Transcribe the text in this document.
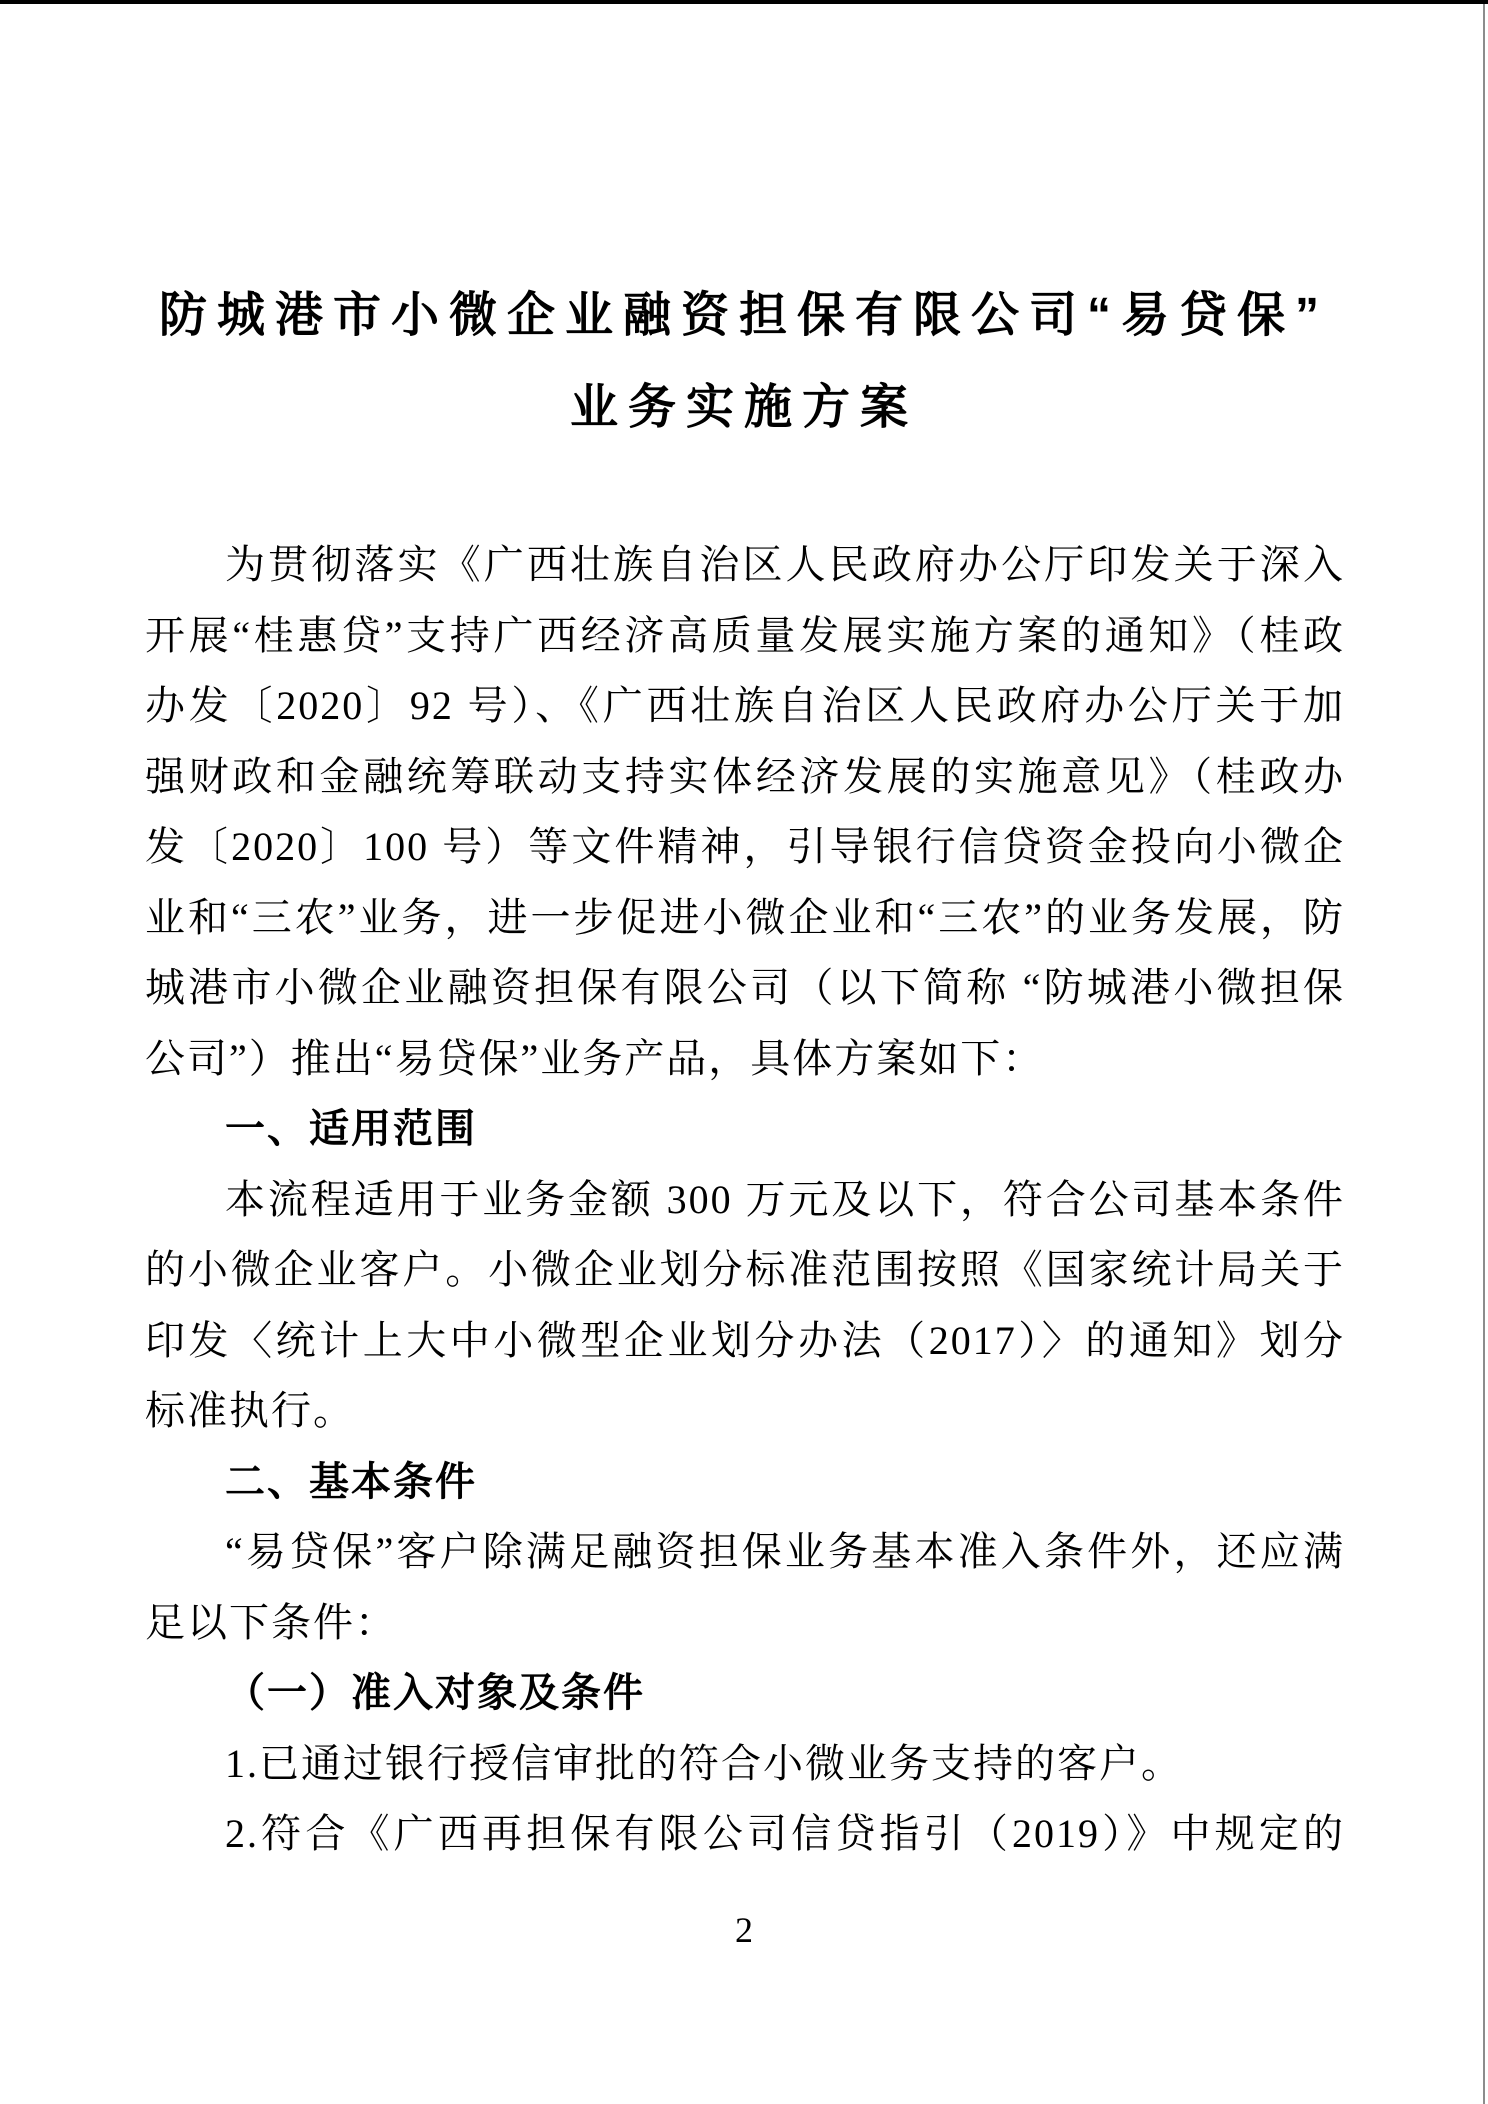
防城港市小微企业融资担保有限公司“易贷保”
业务实施方案
为贯彻落实《广西壮族自治区人民政府办公厅印发关于深入
开展“桂惠贷”支持广西经济高质量发展实施方案的通知》（桂政
办发〔2020〕92 号）、《广西壮族自治区人民政府办公厅关于加
强财政和金融统筹联动支持实体经济发展的实施意见》（桂政办
发〔2020〕100 号）等文件精神，引导银行信贷资金投向小微企
业和“三农”业务，进一步促进小微企业和“三农”的业务发展，防
城港市小微企业融资担保有限公司（以下简称 “防城港小微担保
公司”）推出“易贷保”业务产品，具体方案如下：
一、适用范围
本流程适用于业务金额 300 万元及以下，符合公司基本条件
的小微企业客户。小微企业划分标准范围按照《国家统计局关于
印发〈统计上大中小微型企业划分办法（2017）〉的通知》划分
标准执行。
二、基本条件
“易贷保”客户除满足融资担保业务基本准入条件外，还应满
足以下条件：
（一）准入对象及条件
1.已通过银行授信审批的符合小微业务支持的客户。
2.符合《广西再担保有限公司信贷指引（2019）》中规定的
2
